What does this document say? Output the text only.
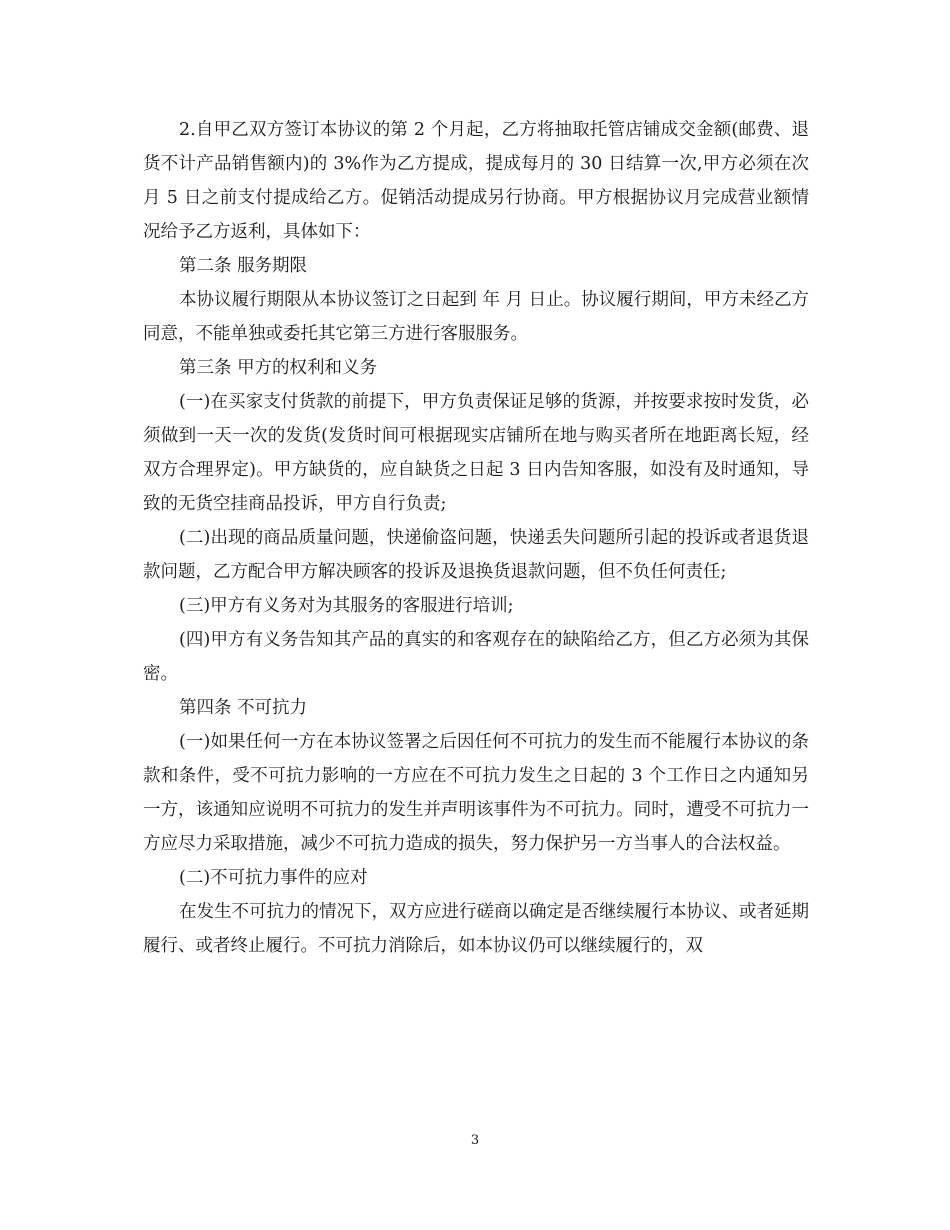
2.自甲乙双方签订本协议的第 2 个月起，乙方将抽取托管店铺成交金额(邮费、退货不计产品销售额内)的 3%作为乙方提成，提成每月的 30 日结算一次,甲方必须在次月 5 日之前支付提成给乙方。促销活动提成另行协商。甲方根据协议月完成营业额情况给予乙方返利，具体如下：

第二条 服务期限

本协议履行期限从本协议签订之日起到 年 月 日止。协议履行期间，甲方未经乙方同意，不能单独或委托其它第三方进行客服服务。

第三条 甲方的权利和义务

(一)在买家支付货款的前提下，甲方负责保证足够的货源，并按要求按时发货，必须做到一天一次的发货(发货时间可根据现实店铺所在地与购买者所在地距离长短，经双方合理界定)。甲方缺货的，应自缺货之日起 3 日内告知客服，如没有及时通知，导致的无货空挂商品投诉，甲方自行负责;

(二)出现的商品质量问题，快递偷盗问题，快递丢失问题所引起的投诉或者退货退款问题，乙方配合甲方解决顾客的投诉及退换货退款问题，但不负任何责任;

(三)甲方有义务对为其服务的客服进行培训;

(四)甲方有义务告知其产品的真实的和客观存在的缺陷给乙方，但乙方必须为其保密。

第四条 不可抗力

(一)如果任何一方在本协议签署之后因任何不可抗力的发生而不能履行本协议的条款和条件，受不可抗力影响的一方应在不可抗力发生之日起的 3 个工作日之内通知另一方，该通知应说明不可抗力的发生并声明该事件为不可抗力。同时，遭受不可抗力一方应尽力采取措施，减少不可抗力造成的损失，努力保护另一方当事人的合法权益。

(二)不可抗力事件的应对

在发生不可抗力的情况下，双方应进行磋商以确定是否继续履行本协议、或者延期履行、或者终止履行。不可抗力消除后，如本协议仍可以继续履行的，双

3
